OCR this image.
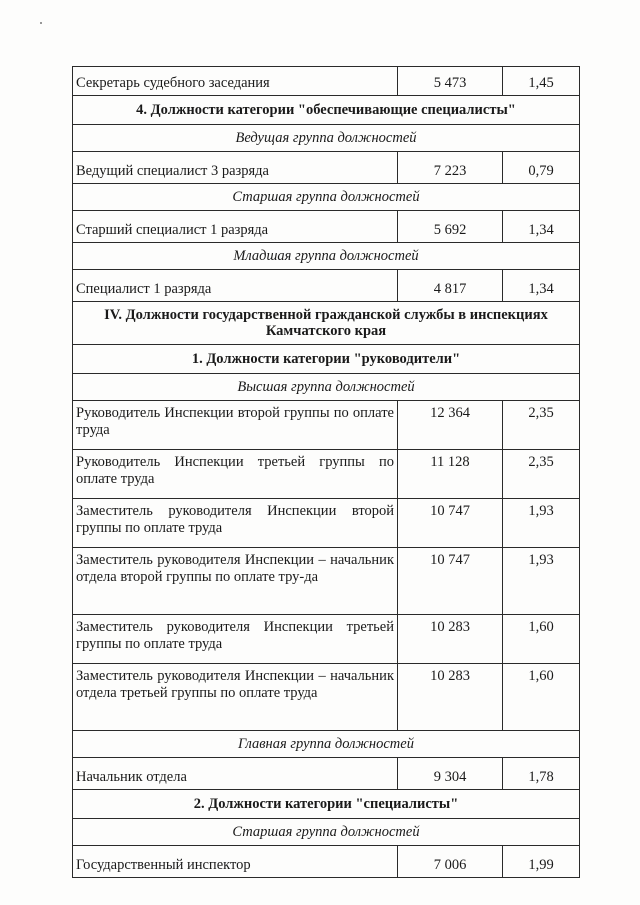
Секретарь судебного заседания	5 473	1,45
4. Должности категории "обеспечивающие специалисты"		
Ведущая группа должностей		
Ведущий специалист 3 разряда	7 223	0,79
Старшая группа должностей		
Старший специалист 1 разряда	5 692	1,34
Младшая группа должностей		
Специалист 1 разряда	4 817	1,34
IV. Должности государственной гражданской службы в инспекциях Камчатского края		
1. Должности категории "руководители"		
Высшая группа должностей		
Руководитель Инспекции второй группы по оплате труда	12 364	2,35
Руководитель Инспекции третьей группы по оплате труда	11 128	2,35
Заместитель руководителя Инспекции второй группы по оплате труда	10 747	1,93
Заместитель руководителя Инспекции – начальник отдела второй группы по оплате тру-да	10 747	1,93
Заместитель руководителя Инспекции третьей группы по оплате труда	10 283	1,60
Заместитель руководителя Инспекции – начальник отдела третьей группы по оплате труда	10 283	1,60
Главная группа должностей		
Начальник отдела	9 304	1,78
2. Должности категории "специалисты"		
Старшая группа должностей		
Государственный инспектор	7 006	1,99
